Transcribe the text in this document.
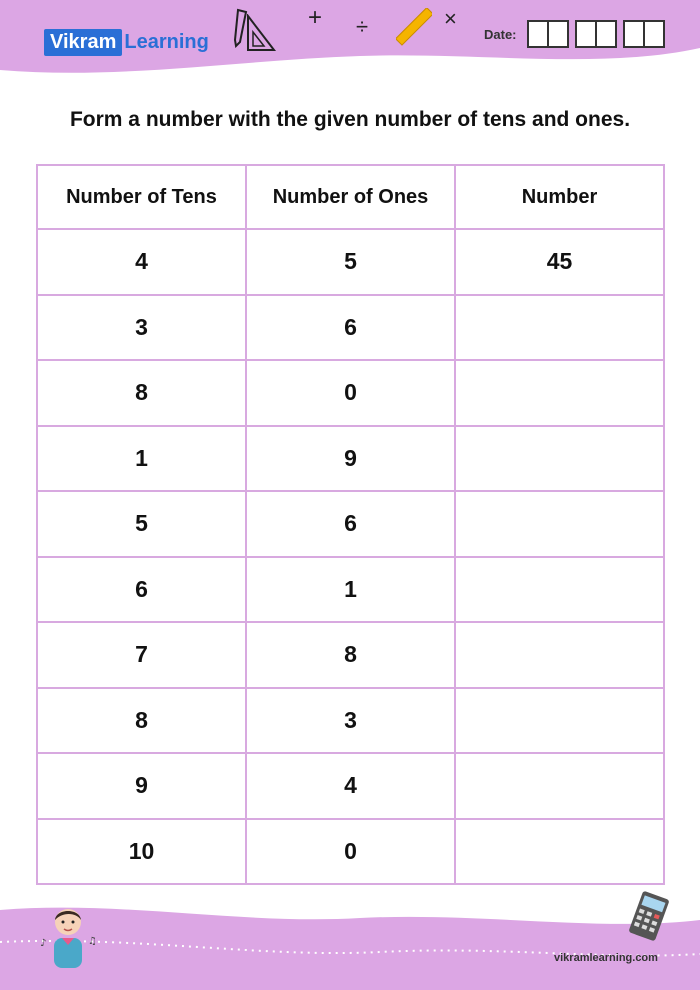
Vikram Learning
+ ÷	×
Date:
Form a number with the given number of tens and ones.
Number of Tens	Number of Ones	Number
4	5	45
3	6	
8	0	
1	9	
5	6	
6	1	
7	8	
8	3	
9	4	
10	0	
♪	♫
vikramlearning.com
